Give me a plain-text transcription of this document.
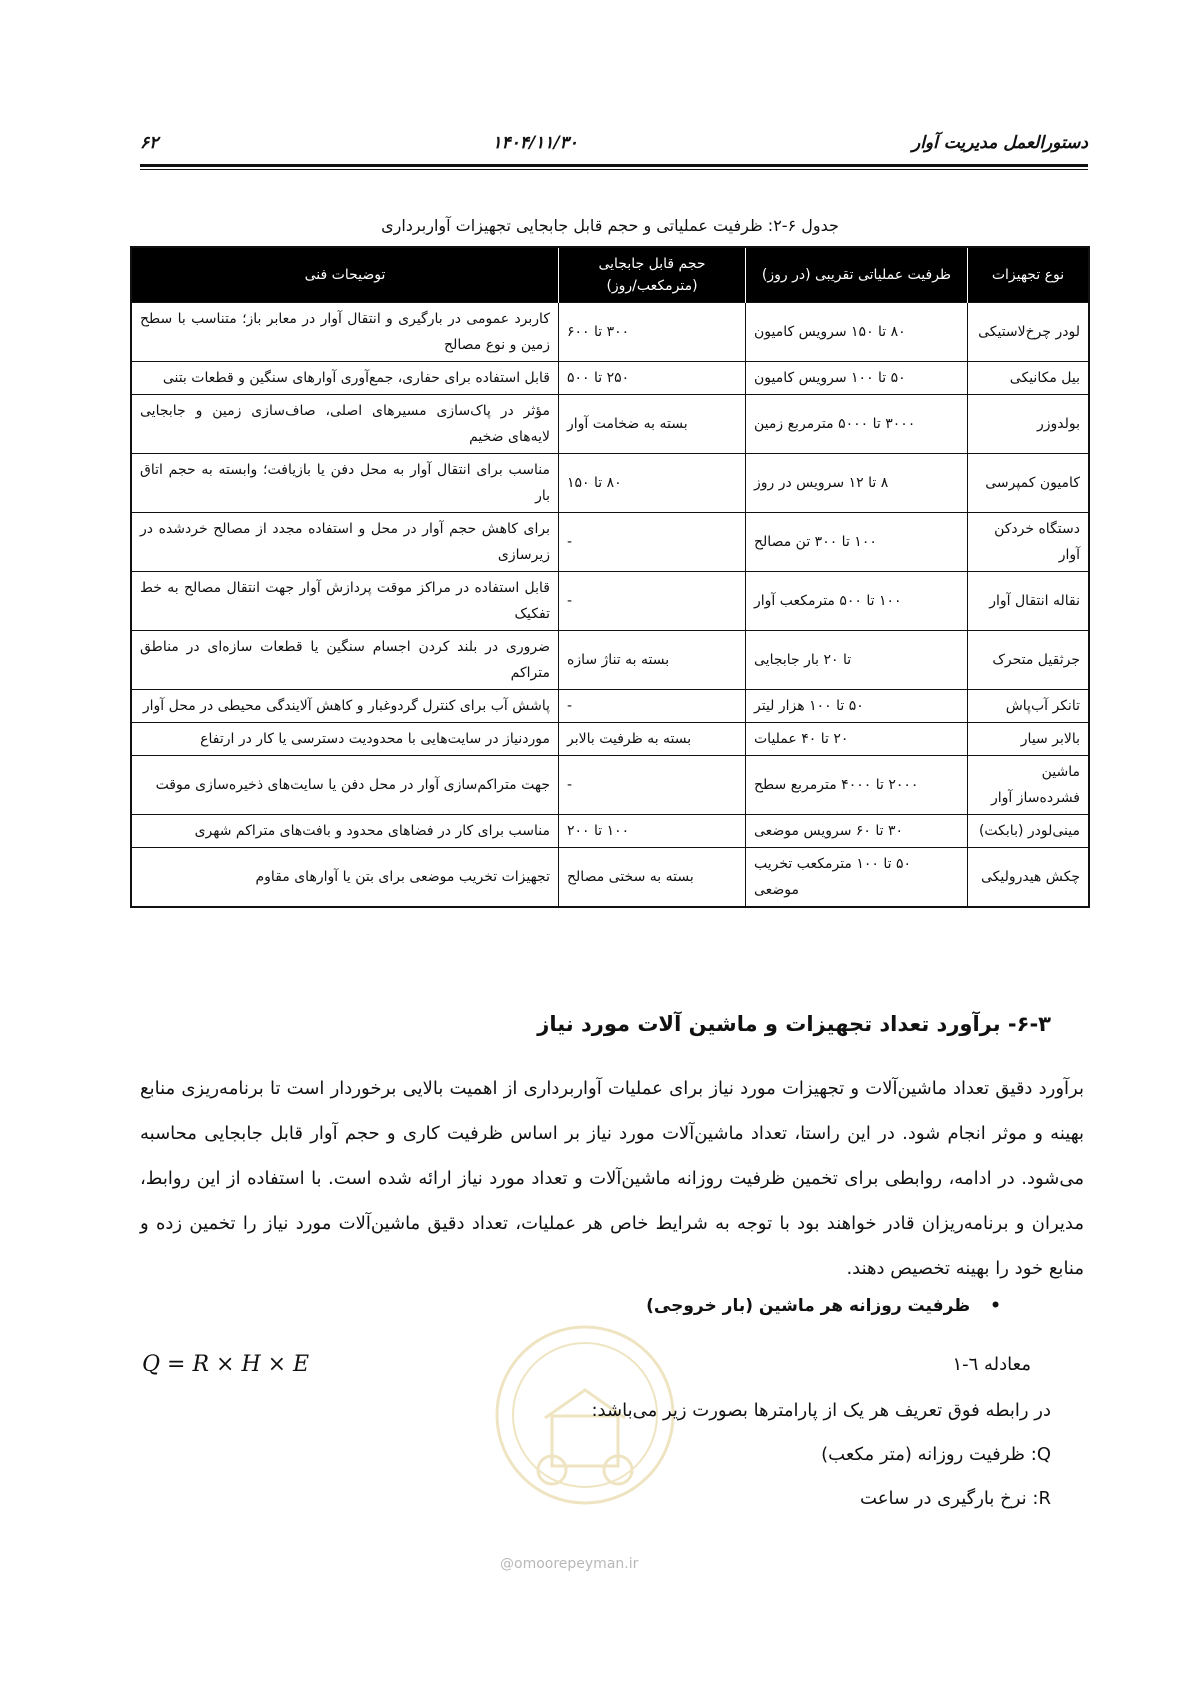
دستورالعمل مدیریت آوار
۱۴۰۴/۱۱/۳۰
۶۲
جدول ۶-۲: ظرفیت عملیاتی و حجم قابل جابجایی تجهیزات آواربرداری
نوع تجهیزات	ظرفیت عملیاتی تقریبی (در روز)	حجم قابل جابجایی (مترمکعب/روز)	توضیحات فنی
لودر چرخ‌لاستیکی	۸۰ تا ۱۵۰ سرویس کامیون	۳۰۰ تا ۶۰۰	کاربرد عمومی در بارگیری و انتقال آوار در معابر باز؛ متناسب با سطح زمین و نوع مصالح
بیل مکانیکی	۵۰ تا ۱۰۰ سرویس کامیون	۲۵۰ تا ۵۰۰	قابل استفاده برای حفاری، جمع‌آوری آوارهای سنگین و قطعات بتنی
بولدوزر	۳۰۰۰ تا ۵۰۰۰ مترمربع زمین	بسته به ضخامت آوار	مؤثر در پاک‌سازی مسیرهای اصلی، صاف‌سازی زمین و جابجایی لایه‌های ضخیم
کامیون کمپرسی	۸ تا ۱۲ سرویس در روز	۸۰ تا ۱۵۰	مناسب برای انتقال آوار به محل دفن یا بازیافت؛ وابسته به حجم اتاق بار
دستگاه خردکن آوار	۱۰۰ تا ۳۰۰ تن مصالح	-	برای کاهش حجم آوار در محل و استفاده مجدد از مصالح خردشده در زیرسازی
نقاله انتقال آوار	۱۰۰ تا ۵۰۰ مترمکعب آوار	-	قابل استفاده در مراکز موقت پردازش آوار جهت انتقال مصالح به خط تفکیک
جرثقیل متحرک	تا ۲۰ بار جابجایی	بسته به تناژ سازه	ضروری در بلند کردن اجسام سنگین یا قطعات سازه‌ای در مناطق متراکم
تانکر آب‌پاش	۵۰ تا ۱۰۰ هزار لیتر	-	پاشش آب برای کنترل گردوغبار و کاهش آلایندگی محیطی در محل آوار
بالابر سیار	۲۰ تا ۴۰ عملیات	بسته به ظرفیت بالابر	موردنیاز در سایت‌هایی با محدودیت دسترسی یا کار در ارتفاع
ماشین فشرده‌ساز آوار	۲۰۰۰ تا ۴۰۰۰ مترمربع سطح	-	جهت متراکم‌سازی آوار در محل دفن یا سایت‌های ذخیره‌سازی موقت
مینی‌لودر (بابکت)	۳۰ تا ۶۰ سرویس موضعی	۱۰۰ تا ۲۰۰	مناسب برای کار در فضاهای محدود و بافت‌های متراکم شهری
چکش هیدرولیکی	۵۰ تا ۱۰۰ مترمکعب تخریب موضعی	بسته به سختی مصالح	تجهیزات تخریب موضعی برای بتن یا آوارهای مقاوم
۶-۳- برآورد تعداد تجهیزات و ماشین آلات مورد نیاز
برآورد دقیق تعداد ماشین‌آلات و تجهیزات مورد نیاز برای عملیات آواربرداری از اهمیت بالایی برخوردار است تا برنامه‌ریزی منابع بهینه و موثر انجام شود. در این راستا، تعداد ماشین‌آلات مورد نیاز بر اساس ظرفیت کاری و حجم آوار قابل جابجایی محاسبه می‌شود. در ادامه، روابطی برای تخمین ظرفیت روزانه ماشین‌آلات و تعداد مورد نیاز ارائه شده است. با استفاده از این روابط، مدیران و برنامه‌ریزان قادر خواهند بود با توجه به شرایط خاص هر عملیات، تعداد دقیق ماشین‌آلات مورد نیاز را تخمین زده و منابع خود را بهینه تخصیص دهند.
• ظرفیت روزانه هر ماشین (بار خروجی)
@omoorepeyman.ir
Q = R × H × E	معادله ٦-١
در رابطه فوق تعریف هر یک از پارامترها بصورت زیر می‌باشد:
Q: ظرفیت روزانه (متر مکعب)
R: نرخ بارگیری در ساعت
